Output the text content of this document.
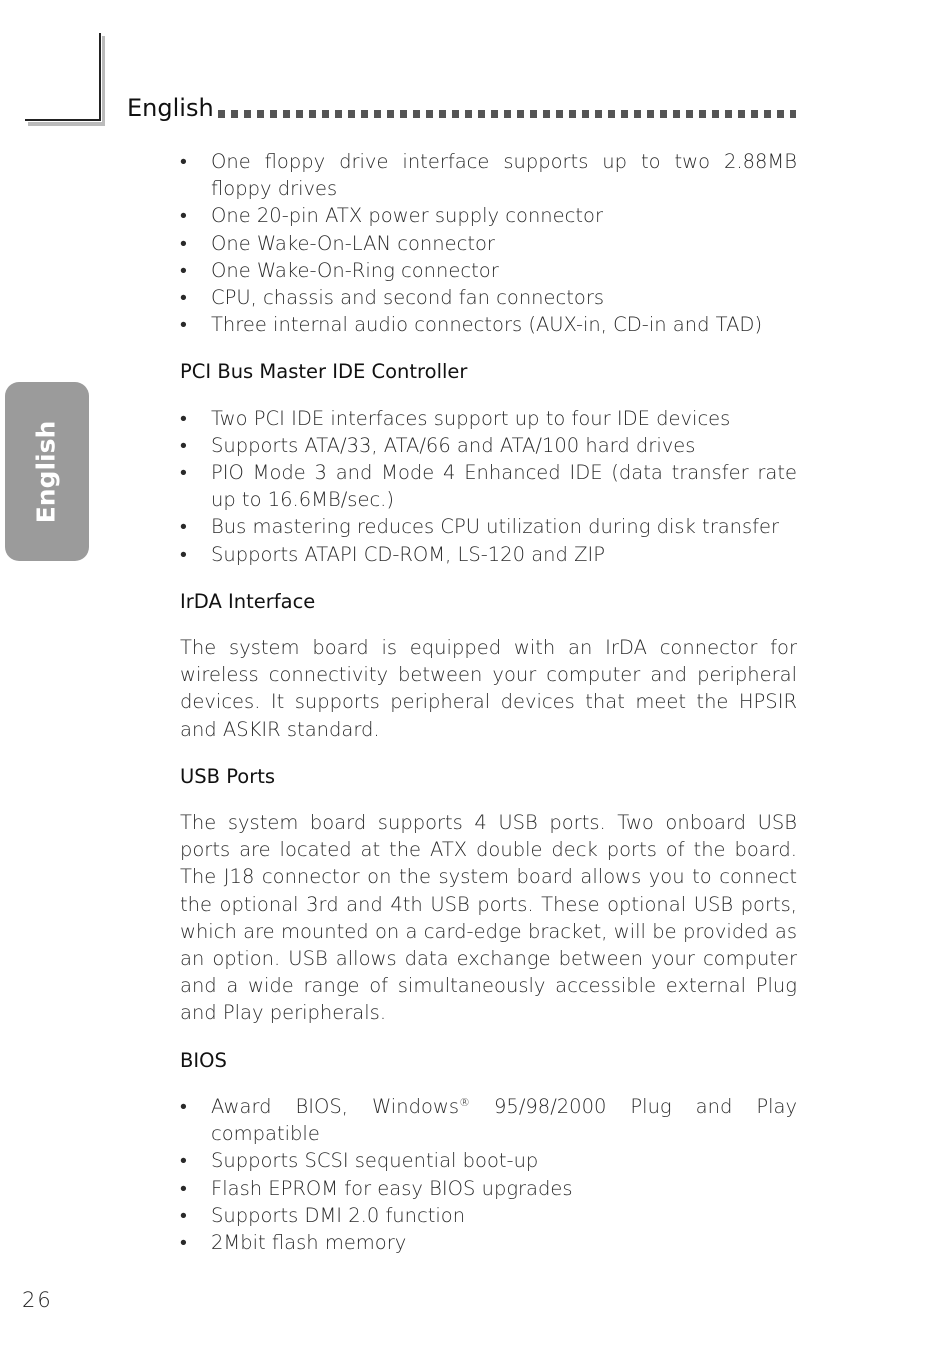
English
English
• One floppy drive interface supports up to two 2.88MB floppy drives
• One 20-pin ATX power supply connector
• One Wake-On-LAN connector
• One Wake-On-Ring connector
• CPU, chassis and second fan connectors
• Three internal audio connectors (AUX-in, CD-in and TAD)
PCI Bus Master IDE Controller
• Two PCI IDE interfaces support up to four IDE devices
• Supports ATA/33, ATA/66 and ATA/100 hard drives
• PIO Mode 3 and Mode 4 Enhanced IDE (data transfer rate up to 16.6MB/sec.)
• Bus mastering reduces CPU utilization during disk transfer
• Supports ATAPI CD-ROM, LS-120 and ZIP
IrDA Interface

The system board is equipped with an IrDA connector for wireless connectivity between your computer and peripheral devices. It supports peripheral devices that meet the HPSIR and ASKIR standard.

USB Ports

The system board supports 4 USB ports. Two onboard USB ports are located at the ATX double deck ports of the board. The J18 connector on the system board allows you to connect the optional 3rd and 4th USB ports. These optional USB ports, which are mounted on a card-edge bracket, will be provided as an option. USB allows data exchange between your computer and a wide range of simultaneously accessible external Plug and Play peripherals.

BIOS
• Award BIOS, Windows® 95/98/2000 Plug and Play compatible
• Supports SCSI sequential boot-up
• Flash EPROM for easy BIOS upgrades
• Supports DMI 2.0 function
• 2Mbit flash memory
26
